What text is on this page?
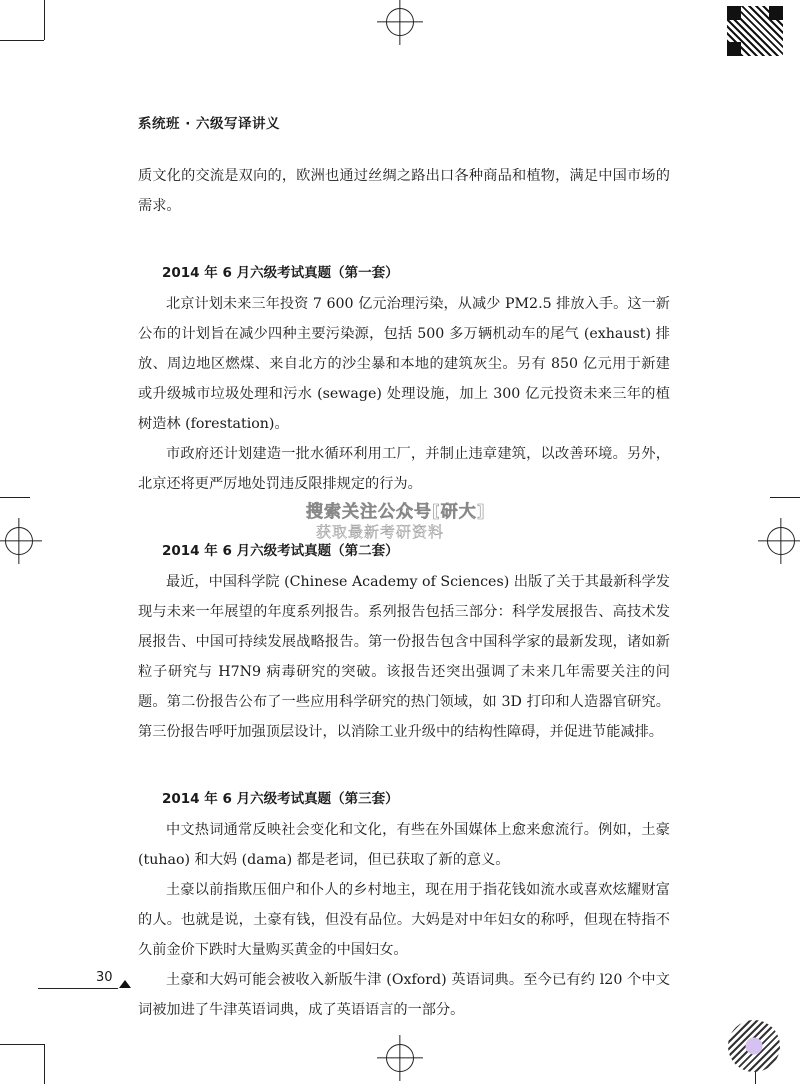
系统班 · 六级写译讲义

质文化的交流是双向的，欧洲也通过丝绸之路出口各种商品和植物，满足中国市场的需求。

2014 年 6 月六级考试真题（第一套）

北京计划未来三年投资 7 600 亿元治理污染，从减少 PM2.5 排放入手。这一新公布的计划旨在减少四种主要污染源，包括 500 多万辆机动车的尾气 (exhaust) 排放、周边地区燃煤、来自北方的沙尘暴和本地的建筑灰尘。另有 850 亿元用于新建或升级城市垃圾处理和污水 (sewage) 处理设施，加上 300 亿元投资未来三年的植树造林 (forestation)。

市政府还计划建造一批水循环利用工厂，并制止违章建筑，以改善环境。另外，北京还将更严厉地处罚违反限排规定的行为。

2014 年 6 月六级考试真题（第二套）

最近，中国科学院 (Chinese Academy of Sciences) 出版了关于其最新科学发现与未来一年展望的年度系列报告。系列报告包括三部分：科学发展报告、高技术发展报告、中国可持续发展战略报告。第一份报告包含中国科学家的最新发现，诸如新粒子研究与 H7N9 病毒研究的突破。该报告还突出强调了未来几年需要关注的问题。第二份报告公布了一些应用科学研究的热门领域，如 3D 打印和人造器官研究。第三份报告呼吁加强顶层设计，以消除工业升级中的结构性障碍，并促进节能减排。

2014 年 6 月六级考试真题（第三套）

中文热词通常反映社会变化和文化，有些在外国媒体上愈来愈流行。例如，土豪 (tuhao) 和大妈 (dama) 都是老词，但已获取了新的意义。

土豪以前指欺压佃户和仆人的乡村地主，现在用于指花钱如流水或喜欢炫耀财富的人。也就是说，土豪有钱，但没有品位。大妈是对中年妇女的称呼，但现在特指不久前金价下跌时大量购买黄金的中国妇女。

土豪和大妈可能会被收入新版牛津 (Oxford) 英语词典。至今已有约 l20 个中文词被加进了牛津英语词典，成了英语语言的一部分。

搜索关注公众号[研大]
获取最新考研资料
30
